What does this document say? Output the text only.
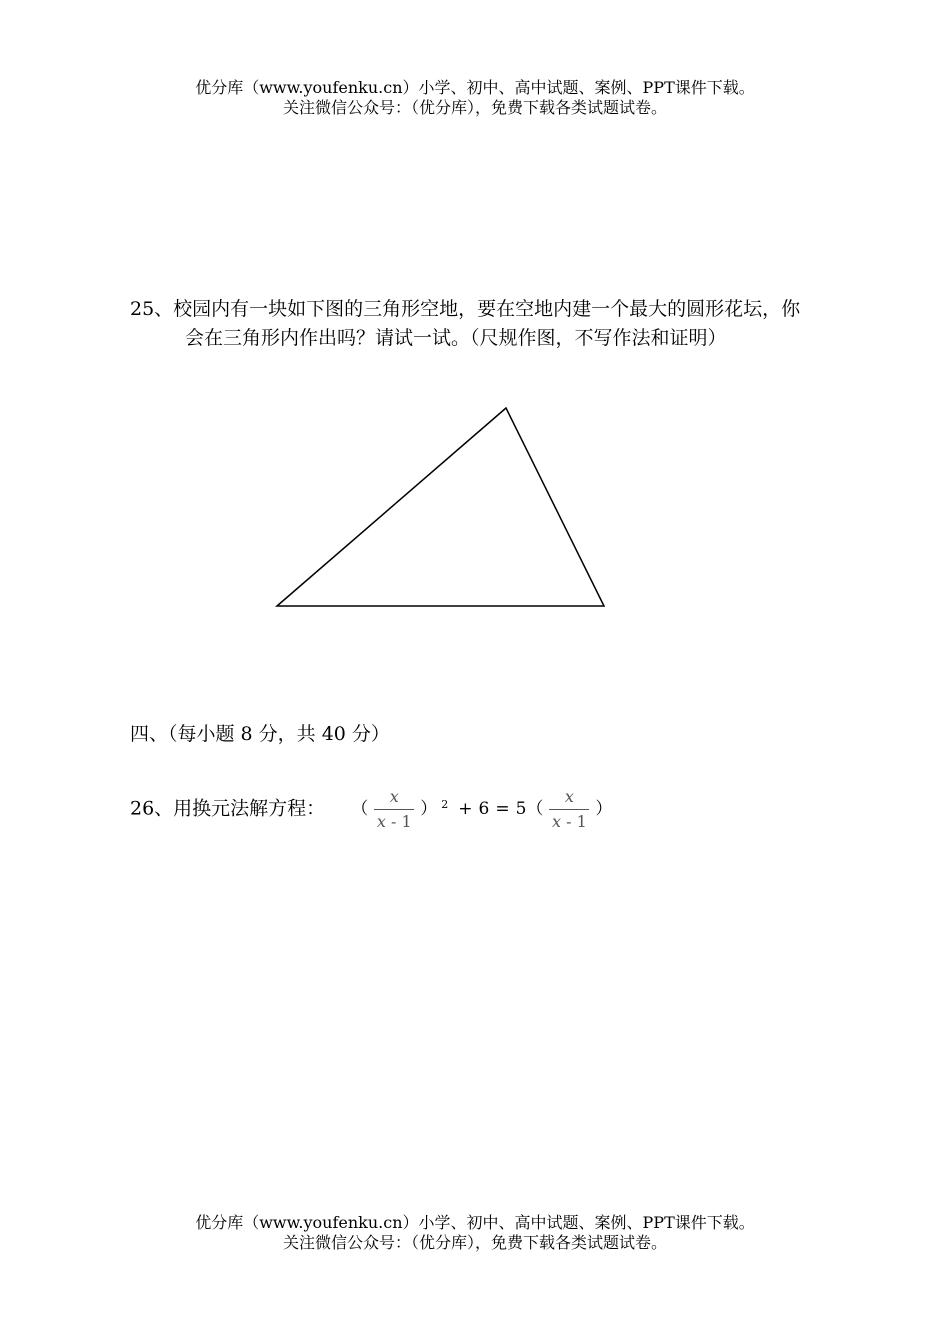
优分库（www.youfenku.cn）小学、初中、高中试题、案例、PPT课件下载。
关注微信公众号：（优分库），免费下载各类试题试卷。
25、校园内有一块如下图的三角形空地，要在空地内建一个最大的圆形花坛，你
会在三角形内作出吗？请试一试。（尺规作图，不写作法和证明）
四、（每小题 8 分，共 40 分）
26、用换元法解方程： （ $\frac{x}{x - 1}$ ） $^2 + 6 = 5( \frac{x}{x - 1}$ ）
优分库（www.youfenku.cn）小学、初中、高中试题、案例、PPT课件下载。
关注微信公众号：（优分库），免费下载各类试题试卷。
